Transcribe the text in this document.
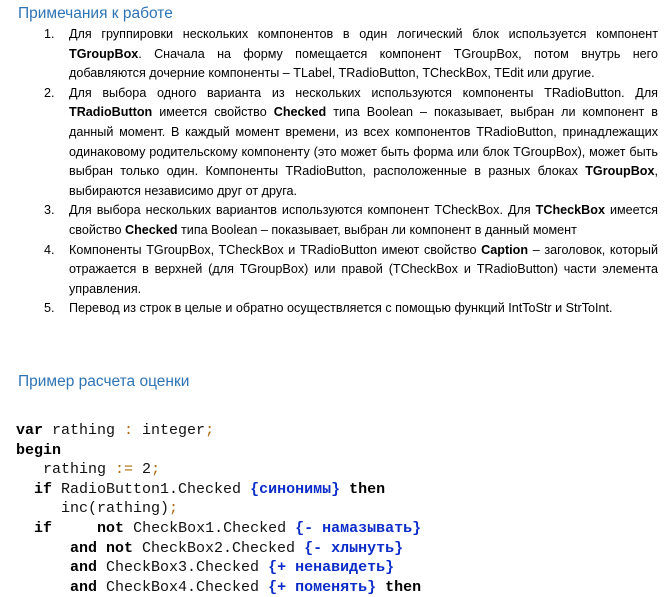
Примечания к работе
1. Для группировки нескольких компонентов в один логический блок используется компонент TGroupBox. Сначала на форму помещается компонент TGroupBox, потом внутрь него добавляются дочерние компоненты – TLabel, TRadioButton, TCheckBox, TEdit или другие.
2. Для выбора одного варианта из нескольких используются компоненты TRadioButton. Для TRadioButton имеется свойство Checked типа Boolean – показывает, выбран ли компонент в данный момент. В каждый момент времени, из всех компонентов TRadioButton, принадлежащих одинаковому родительскому компоненту (это может быть форма или блок TGroupBox), может быть выбран только один. Компоненты TRadioButton, расположенные в разных блоках TGroupBox, выбираются независимо друг от друга.
3. Для выбора нескольких вариантов используются компонент TCheckBox. Для TCheckBox имеется свойство Checked типа Boolean – показывает, выбран ли компонент в данный момент
4. Компоненты TGroupBox, TCheckBox и TRadioButton имеют свойство Caption – заголовок, который отражается в верхней (для TGroupBox) или правой (TCheckBox и TRadioButton) части элемента управления.
5. Перевод из строк в целые и обратно осуществляется с помощью функций IntToStr и StrToInt.
Пример расчета оценки
var rathing : integer;
begin
rathing := 2;
if RadioButton1.Checked {синонимы} then
inc(rathing);
if	not CheckBox1.Checked {- намазывать}
and not CheckBox2.Checked {- хлынуть}
and CheckBox3.Checked {+ ненавидеть}
and CheckBox4.Checked {+ поменять} then
